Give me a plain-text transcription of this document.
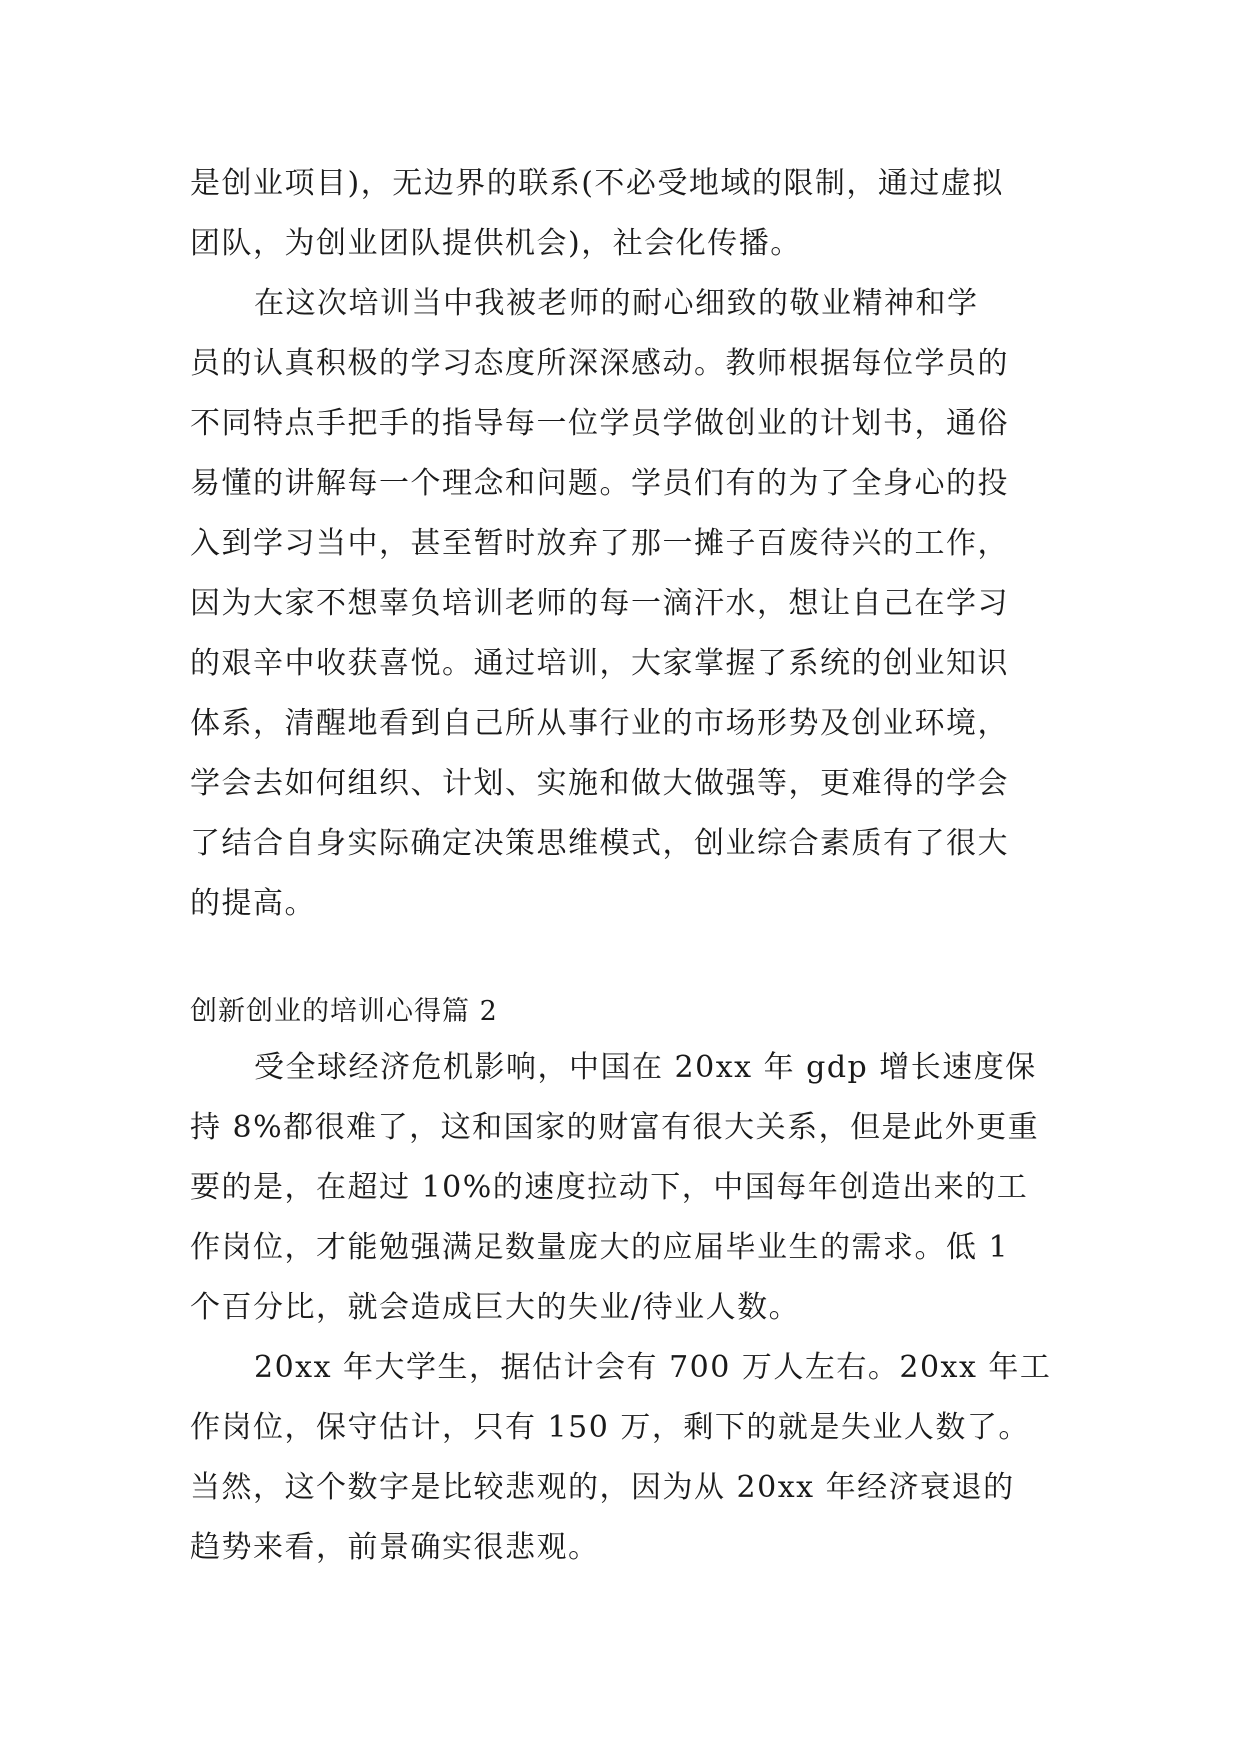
是创业项目)，无边界的联系(不必受地域的限制，通过虚拟
团队，为创业团队提供机会)，社会化传播。
在这次培训当中我被老师的耐心细致的敬业精神和学
员的认真积极的学习态度所深深感动。教师根据每位学员的
不同特点手把手的指导每一位学员学做创业的计划书，通俗
易懂的讲解每一个理念和问题。学员们有的为了全身心的投
入到学习当中，甚至暂时放弃了那一摊子百废待兴的工作，
因为大家不想辜负培训老师的每一滴汗水，想让自己在学习
的艰辛中收获喜悦。通过培训，大家掌握了系统的创业知识
体系，清醒地看到自己所从事行业的市场形势及创业环境，
学会去如何组织、计划、实施和做大做强等，更难得的学会
了结合自身实际确定决策思维模式，创业综合素质有了很大
的提高。
创新创业的培训心得篇 2
受全球经济危机影响，中国在 20xx 年 gdp 增长速度保
持 8%都很难了，这和国家的财富有很大关系，但是此外更重
要的是，在超过 10%的速度拉动下，中国每年创造出来的工
作岗位，才能勉强满足数量庞大的应届毕业生的需求。低 1
个百分比，就会造成巨大的失业/待业人数。
20xx 年大学生，据估计会有 700 万人左右。20xx 年工
作岗位，保守估计，只有 150 万，剩下的就是失业人数了。
当然，这个数字是比较悲观的，因为从 20xx 年经济衰退的
趋势来看，前景确实很悲观。
